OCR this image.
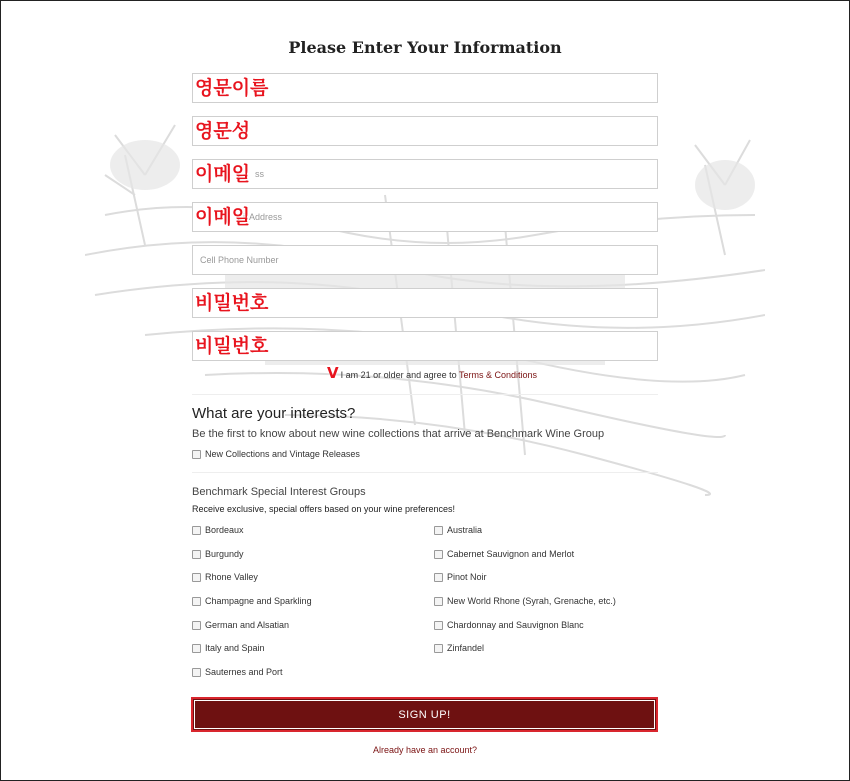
Please Enter Your Information
영문이름
영문성
ss
이메일
il Address
이메일
Cell Phone Number
비밀번호
비밀번호
V I am 21 or older and agree to Terms & Conditions
What are your interests?
Be the first to know about new wine collections that arrive at Benchmark Wine Group
New Collections and Vintage Releases
Benchmark Special Interest Groups
Receive exclusive, special offers based on your wine preferences!
Bordeaux
Burgundy
Rhone Valley
Champagne and Sparkling
German and Alsatian
Italy and Spain
Sauternes and Port
Australia
Cabernet Sauvignon and Merlot
Pinot Noir
New World Rhone (Syrah, Grenache, etc.)
Chardonnay and Sauvignon Blanc
Zinfandel
SIGN UP!
Already have an account?
